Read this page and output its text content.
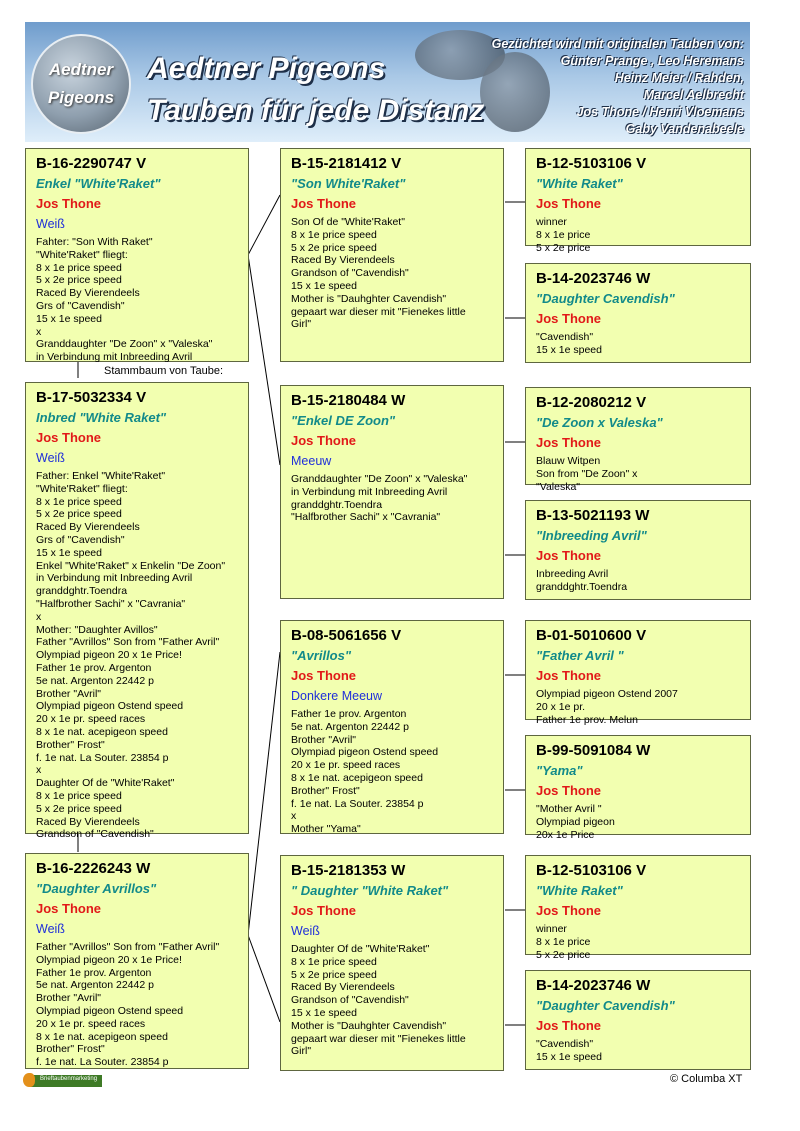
Aedtner
Pigeons
Aedtner Pigeons
Tauben für jede Distanz
Gezüchtet wird mit originalen Tauben von:
Günter Prange , Leo Heremans
Heinz Meier / Rahden,
Marcel Aelbrecht
Jos Thone / Henri Vloemans
Gaby Vandenabeele
B-16-2290747 V
Enkel "White'Raket"
Jos Thone
Weiß
Fahter: "Son With Raket"
"White'Raket" fliegt:
8 x 1e price speed
5 x 2e price speed
Raced By Vierendeels
Grs of "Cavendish"
15 x 1e speed
x
Granddaughter "De Zoon" x "Valeska"
in Verbindung mit Inbreeding Avril
Stammbaum von Taube:
B-17-5032334 V
Inbred "White Raket"
Jos Thone
Weiß
Father: Enkel "White'Raket"
"White'Raket" fliegt:
8 x 1e price speed
5 x 2e price speed
Raced By Vierendeels
Grs of "Cavendish"
15 x 1e speed
Enkel "White'Raket" x Enkelin "De Zoon"
in Verbindung mit Inbreeding Avril
granddghtr.Toendra
"Halfbrother Sachi" x "Cavrania"
x
Mother: "Daughter Avillos"
Father "Avrillos" Son from "Father Avril"
Olympiad pigeon 20 x 1e Price!
Father 1e prov. Argenton
5e nat. Argenton 22442 p
Brother "Avril"
Olympiad pigeon Ostend speed
20 x 1e pr. speed races
8 x 1e nat. acepigeon speed
Brother" Frost"
f. 1e nat. La Souter. 23854 p
x
Daughter Of de "White'Raket"
8 x 1e price speed
5 x 2e price speed
Raced By Vierendeels
Grandson of "Cavendish"
B-16-2226243 W
"Daughter Avrillos"
Jos Thone
Weiß
Father "Avrillos" Son from "Father Avril"
Olympiad pigeon 20 x 1e Price!
Father 1e prov. Argenton
5e nat. Argenton 22442 p
Brother "Avril"
Olympiad pigeon Ostend speed
20 x 1e pr. speed races
8 x 1e nat. acepigeon speed
Brother" Frost"
f. 1e nat. La Souter. 23854 p
B-15-2181412 V
"Son White'Raket"
Jos Thone
Son Of de "White'Raket"
8 x 1e price speed
5 x 2e price speed
Raced By Vierendeels
Grandson of "Cavendish"
15 x 1e speed
Mother is "Dauhghter Cavendish"
gepaart war dieser mit "Fienekes little
Girl"
B-15-2180484 W
"Enkel DE Zoon"
Jos Thone
Meeuw
Granddaughter "De Zoon" x "Valeska"
in Verbindung mit Inbreeding Avril
granddghtr.Toendra
"Halfbrother Sachi" x "Cavrania"
B-08-5061656 V
"Avrillos"
Jos Thone
Donkere Meeuw
Father 1e prov. Argenton
5e nat. Argenton 22442 p
Brother "Avril"
Olympiad pigeon Ostend speed
20 x 1e pr. speed races
8 x 1e nat. acepigeon speed
Brother" Frost"
f. 1e nat. La Souter. 23854 p
x
Mother "Yama"
B-15-2181353 W
" Daughter "White Raket"
Jos Thone
Weiß
Daughter Of de "White'Raket"
8 x 1e price speed
5 x 2e price speed
Raced By Vierendeels
Grandson of "Cavendish"
15 x 1e speed
Mother is "Dauhghter Cavendish"
gepaart war dieser mit "Fienekes little
Girl"
B-12-5103106 V
"White Raket"
Jos Thone
winner
8 x 1e price
5 x 2e price
B-14-2023746 W
"Daughter Cavendish"
Jos Thone
"Cavendish"
15 x 1e speed
B-12-2080212 V
"De Zoon x Valeska"
Jos Thone
Blauw Witpen
Son from "De Zoon" x
"Valeska"
B-13-5021193 W
"Inbreeding Avril"
Jos Thone
Inbreeding Avril
granddghtr.Toendra
B-01-5010600 V
"Father Avril "
Jos Thone
Olympiad pigeon Ostend 2007
20 x 1e pr.
Father 1e prov. Melun
B-99-5091084 W
"Yama"
Jos Thone
"Mother Avril "
Olympiad pigeon
20x 1e Price
B-12-5103106 V
"White Raket"
Jos Thone
winner
8 x 1e price
5 x 2e price
B-14-2023746 W
"Daughter Cavendish"
Jos Thone
"Cavendish"
15 x 1e speed
Brieftaubenmarketing	© Columba XT
